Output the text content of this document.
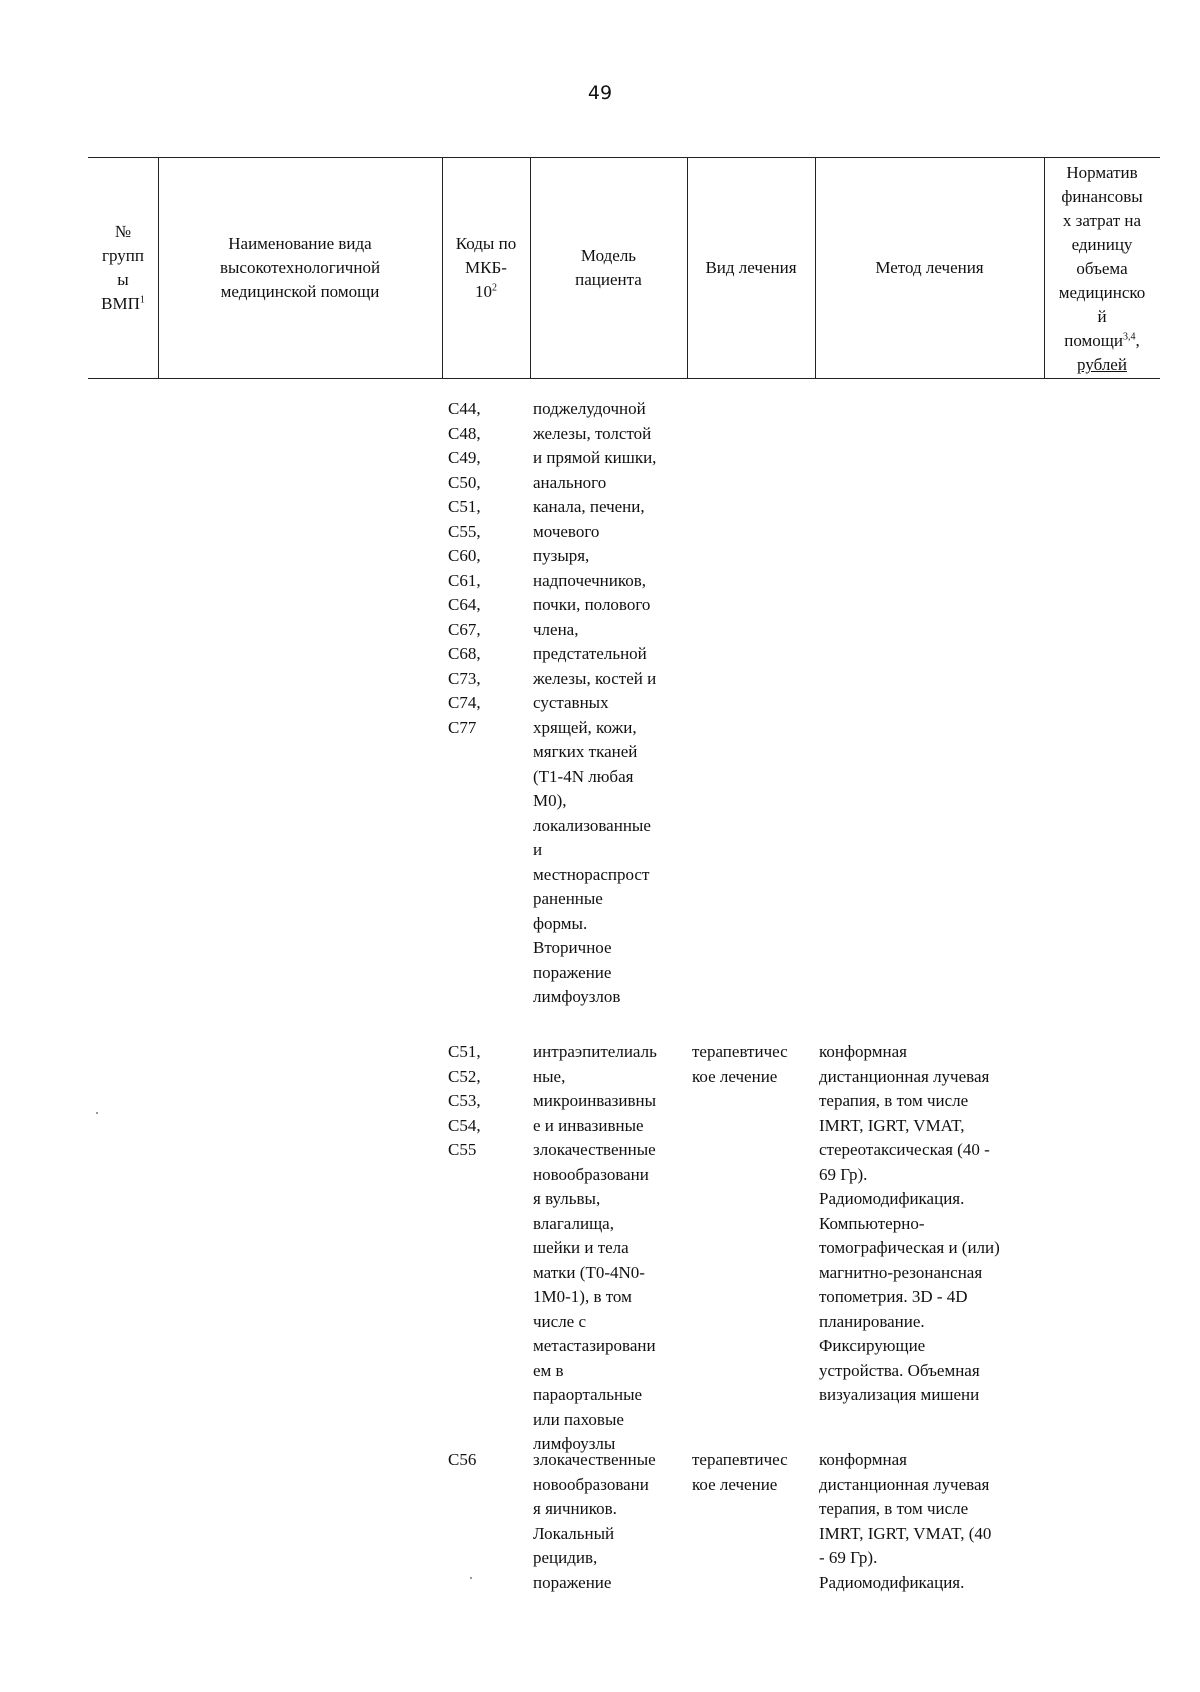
49
№
групп
ы
ВМП$^1$
Наименование вида
высокотехнологичной
медицинской помощи
Коды по
МКБ-
$10^2$
Модель
пациента
Вид лечения	Метод лечения
Норматив
финансовы
х затрат на
единицу
объема
медицинско
й
помощи$^{3,4}$,
рублей
C44,
C48,
C49,
C50,
C51,
C55,
C60,
C61,
C64,
C67,
C68,
C73,
C74,
C77
поджелудочной
железы, толстой
и прямой кишки,
анального
канала, печени,
мочевого
пузыря,
надпочечников,
почки, полового
члена,
предстательной
железы, костей и
суставных
хрящей, кожи,
мягких тканей
(T1-4N любая
M0),
локализованные
и
местнораспрост
раненные
формы.
Вторичное
поражение
лимфоузлов
C51,
C52,
C53,
C54,
C55
интраэпителиаль
ные,
микроинвазивны
е и инвазивные
злокачественные
новообразовани
я вульвы,
влагалища,
шейки и тела
матки (T0-4N0-
1M0-1), в том
числе с
метастазировани
ем в
параортальные
или паховые
лимфоузлы
терапевтичес
кое лечение
конформная
дистанционная лучевая
терапия, в том числе
IMRT, IGRT, VMAT,
стереотаксическая (40 -
69 Гр).
Радиомодификация.
Компьютерно-
томографическая и (или)
магнитно-резонансная
топометрия. 3D - 4D
планирование.
Фиксирующие
устройства. Объемная
визуализация мишени
C56	злокачественные
новообразовани
я яичников.
Локальный
рецидив,
поражение
терапевтичес
кое лечение
конформная
дистанционная лучевая
терапия, в том числе
IMRT, IGRT, VMAT, (40
- 69 Гр).
Радиомодификация.
